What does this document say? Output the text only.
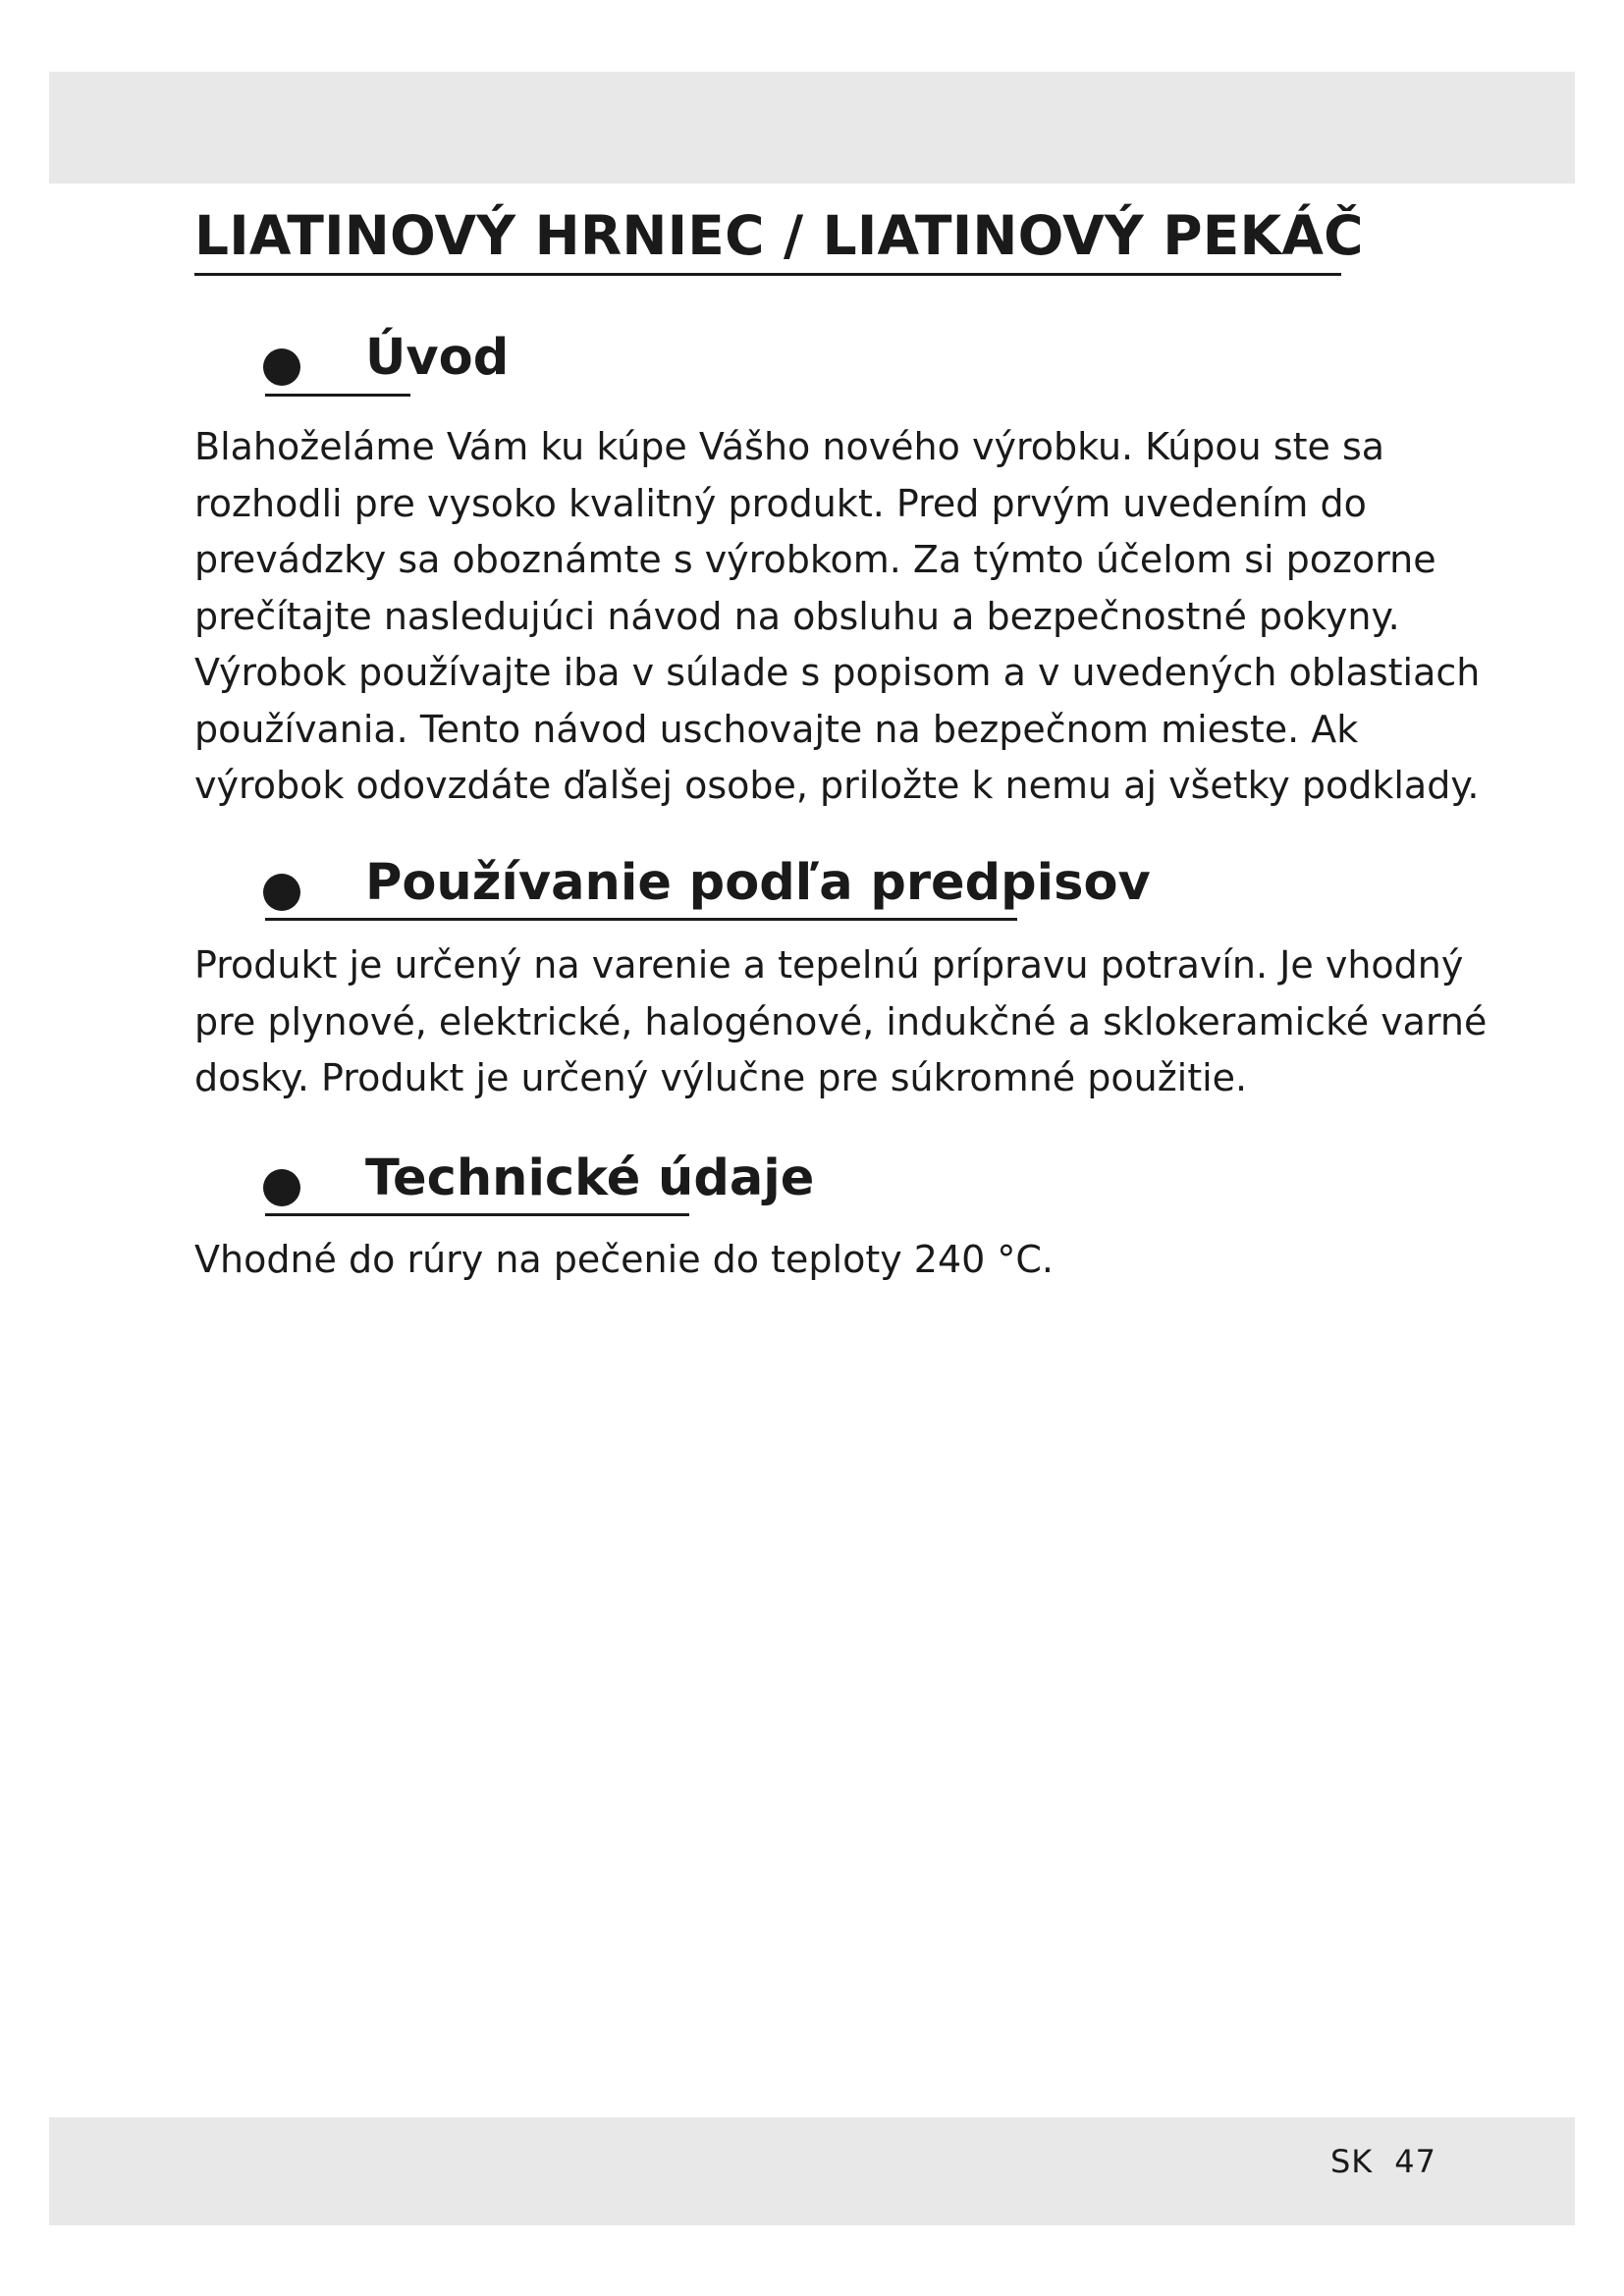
LIATINOVÝ HRNIEC / LIATINOVÝ PEKÁČ
Úvod
Blahoželáme Vám ku kúpe Vášho nového výrobku. Kúpou ste sa
rozhodli pre vysoko kvalitný produkt. Pred prvým uvedením do
prevádzky sa oboznámte s výrobkom. Za týmto účelom si pozorne
prečítajte nasledujúci návod na obsluhu a bezpečnostné pokyny.
Výrobok používajte iba v súlade s popisom a v uvedených oblastiach
používania. Tento návod uschovajte na bezpečnom mieste. Ak
výrobok odovzdáte ďalšej osobe, priložte k nemu aj všetky podklady.
Používanie podľa predpisov
Produkt je určený na varenie a tepelnú prípravu potravín. Je vhodný
pre plynové, elektrické, halogénové, indukčné a sklokeramické varné
dosky. Produkt je určený výlučne pre súkromné použitie.
Technické údaje
Vhodné do rúry na pečenie do teploty 240 °C.
SK 47
